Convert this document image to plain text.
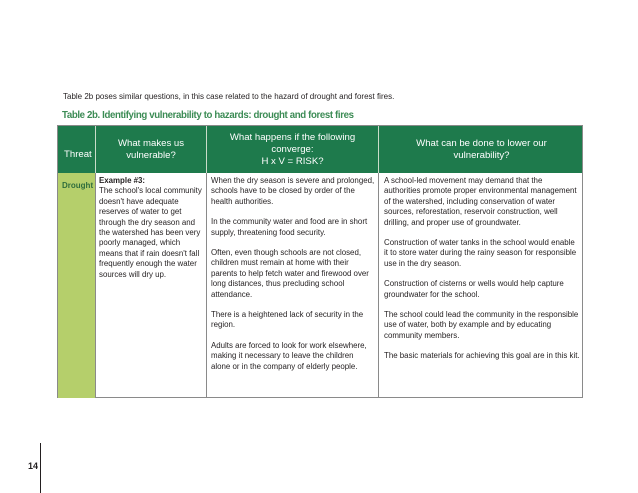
Table 2b poses similar questions, in this case related to the hazard of drought and forest fires.
Table 2b. Identifying vulnerability to hazards: drought and forest fires
Threat
What makes us vulnerable?
What happens if the following converge:
H x V = RISK?
What can be done to lower our vulnerability?
Drought
Example #3:
The school's local community doesn't have adequate reserves of water to get through the dry season and the watershed has been very poorly managed, which means that if rain doesn't fall frequently enough the water sources will dry up.

When the dry season is severe and prolonged, schools have to be closed by order of the health authorities.

In the community water and food are in short supply, threatening food security.

Often, even though schools are not closed, children must remain at home with their parents to help fetch water and firewood over long distances, thus precluding school attendance.

There is a heightened lack of security in the region.

Adults are forced to look for work elsewhere, making it necessary to leave the children alone or in the company of elderly people.

A school-led movement may demand that the authorities promote proper environmental management of the watershed, including conservation of water sources, reforestation, reservoir construction, well drilling, and proper use of groundwater.

Construction of water tanks in the school would enable it to store water during the rainy season for responsible use in the dry season.

Construction of cisterns or wells would help capture groundwater for the school.

The school could lead the community in the responsible use of water, both by example and by educating community members.

The basic materials for achieving this goal are in this kit.

14
